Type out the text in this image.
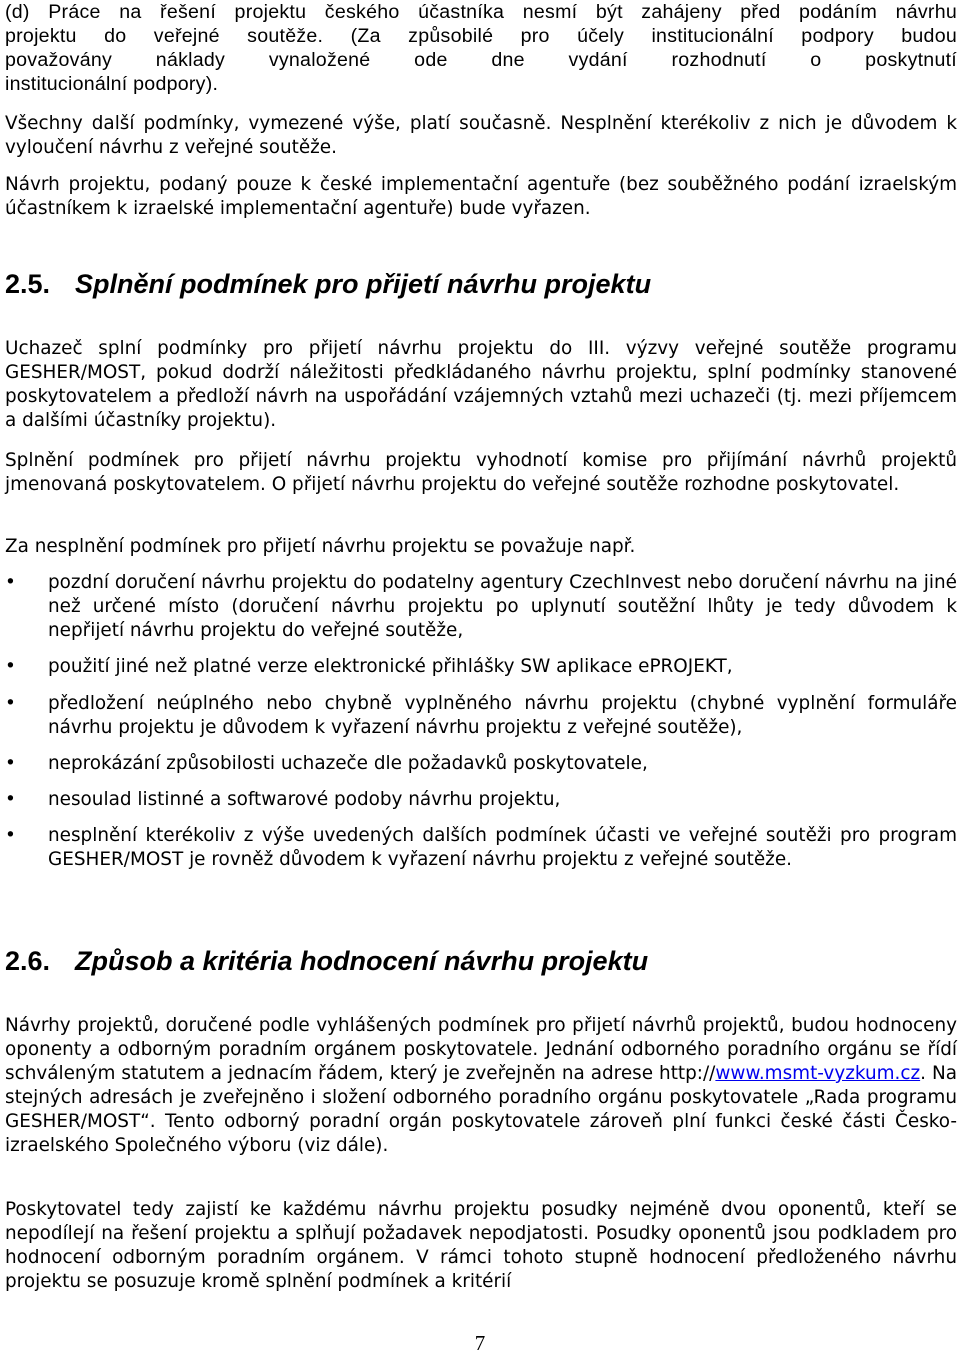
(d) Práce na řešení projektu českého účastníka nesmí být zahájeny před podáním návrhu
projektu do veřejné soutěže. (Za způsobilé pro účely institucionální podpory budou
považovány náklady vynaložené ode dne vydání rozhodnutí o poskytnutí
institucionální podpory).

Všechny další podmínky, vymezené výše, platí současně. Nesplnění kterékoliv z nich je důvodem k vyloučení návrhu z veřejné soutěže.

Návrh projektu, podaný pouze k české implementační agentuře (bez souběžného podání izraelským účastníkem k izraelské implementační agentuře) bude vyřazen.

2.5. Splnění podmínek pro přijetí návrhu projektu

Uchazeč splní podmínky pro přijetí návrhu projektu do III. výzvy veřejné soutěže programu GESHER/MOST, pokud dodrží náležitosti předkládaného návrhu projektu, splní podmínky stanovené poskytovatelem a předloží návrh na uspořádání vzájemných vztahů mezi uchazeči (tj. mezi příjemcem a dalšími účastníky projektu).

Splnění podmínek pro přijetí návrhu projektu vyhodnotí komise pro přijímání návrhů projektů jmenovaná poskytovatelem. O přijetí návrhu projektu do veřejné soutěže rozhodne poskytovatel.

Za nesplnění podmínek pro přijetí návrhu projektu se považuje např.

•	pozdní doručení návrhu projektu do podatelny agentury CzechInvest nebo doručení návrhu na jiné než určené místo (doručení návrhu projektu po uplynutí soutěžní lhůty je tedy důvodem k nepřijetí návrhu projektu do veřejné soutěže,
•	použití jiné než platné verze elektronické přihlášky SW aplikace ePROJEKT,
•	předložení neúplného nebo chybně vyplněného návrhu projektu (chybné vyplnění formuláře návrhu projektu je důvodem k vyřazení návrhu projektu z veřejné soutěže),
•	neprokázání způsobilosti uchazeče dle požadavků poskytovatele,
•	nesoulad listinné a softwarové podoby návrhu projektu,
•	nesplnění kterékoliv z výše uvedených dalších podmínek účasti ve veřejné soutěži pro program GESHER/MOST je rovněž důvodem k vyřazení návrhu projektu z veřejné soutěže.
2.6. Způsob a kritéria hodnocení návrhu projektu

Návrhy projektů, doručené podle vyhlášených podmínek pro přijetí návrhů projektů, budou hodnoceny oponenty a odborným poradním orgánem poskytovatele. Jednání odborného poradního orgánu se řídí schváleným statutem a jednacím řádem, který je zveřejněn na adrese http://www.msmt-vyzkum.cz. Na stejných adresách je zveřejněno i složení odborného poradního orgánu poskytovatele „Rada programu GESHER/MOST“. Tento odborný poradní orgán poskytovatele zároveň plní funkci české části Česko-izraelského Společného výboru (viz dále).

Poskytovatel tedy zajistí ke každému návrhu projektu posudky nejméně dvou oponentů, kteří se nepodílejí na řešení projektu a splňují požadavek nepodjatosti. Posudky oponentů jsou podkladem pro hodnocení odborným poradním orgánem. V rámci tohoto stupně hodnocení předloženého návrhu projektu se posuzuje kromě splnění podmínek a kritérií

7
